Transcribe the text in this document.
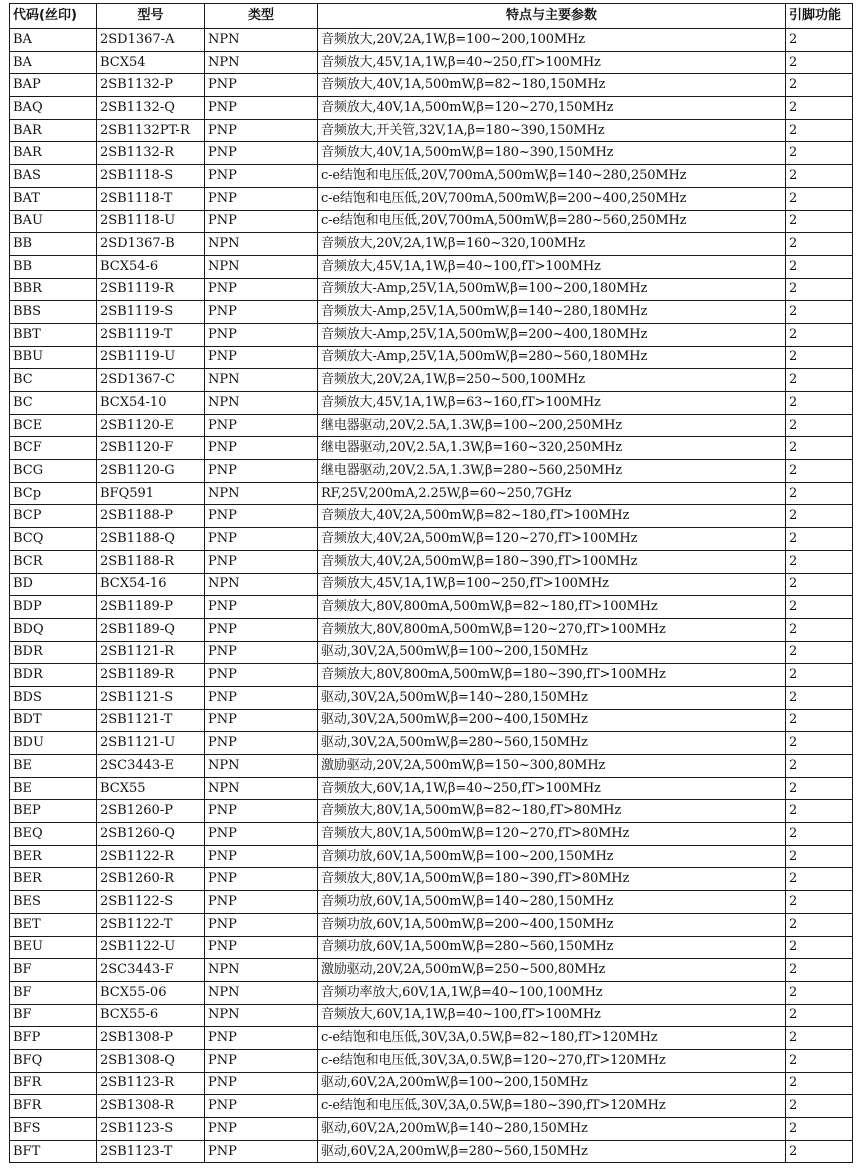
代码(丝印)	型号	类型	特点与主要参数	引脚功能
BA	2SD1367-A	NPN	音频放大,20V,2A,1W,β=100~200,100MHz	2
BA	BCX54	NPN	音频放大,45V,1A,1W,β=40~250,fT>100MHz	2
BAP	2SB1132-P	PNP	音频放大,40V,1A,500mW,β=82~180,150MHz	2
BAQ	2SB1132-Q	PNP	音频放大,40V,1A,500mW,β=120~270,150MHz	2
BAR	2SB1132PT-R	PNP	音频放大,开关管,32V,1A,β=180~390,150MHz	2
BAR	2SB1132-R	PNP	音频放大,40V,1A,500mW,β=180~390,150MHz	2
BAS	2SB1118-S	PNP	c-e结饱和电压低,20V,700mA,500mW,β=140~280,250MHz	2
BAT	2SB1118-T	PNP	c-e结饱和电压低,20V,700mA,500mW,β=200~400,250MHz	2
BAU	2SB1118-U	PNP	c-e结饱和电压低,20V,700mA,500mW,β=280~560,250MHz	2
BB	2SD1367-B	NPN	音频放大,20V,2A,1W,β=160~320,100MHz	2
BB	BCX54-6	NPN	音频放大,45V,1A,1W,β=40~100,fT>100MHz	2
BBR	2SB1119-R	PNP	音频放大-Amp,25V,1A,500mW,β=100~200,180MHz	2
BBS	2SB1119-S	PNP	音频放大-Amp,25V,1A,500mW,β=140~280,180MHz	2
BBT	2SB1119-T	PNP	音频放大-Amp,25V,1A,500mW,β=200~400,180MHz	2
BBU	2SB1119-U	PNP	音频放大-Amp,25V,1A,500mW,β=280~560,180MHz	2
BC	2SD1367-C	NPN	音频放大,20V,2A,1W,β=250~500,100MHz	2
BC	BCX54-10	NPN	音频放大,45V,1A,1W,β=63~160,fT>100MHz	2
BCE	2SB1120-E	PNP	继电器驱动,20V,2.5A,1.3W,β=100~200,250MHz	2
BCF	2SB1120-F	PNP	继电器驱动,20V,2.5A,1.3W,β=160~320,250MHz	2
BCG	2SB1120-G	PNP	继电器驱动,20V,2.5A,1.3W,β=280~560,250MHz	2
BCp	BFQ591	NPN	RF,25V,200mA,2.25W,β=60~250,7GHz	2
BCP	2SB1188-P	PNP	音频放大,40V,2A,500mW,β=82~180,fT>100MHz	2
BCQ	2SB1188-Q	PNP	音频放大,40V,2A,500mW,β=120~270,fT>100MHz	2
BCR	2SB1188-R	PNP	音频放大,40V,2A,500mW,β=180~390,fT>100MHz	2
BD	BCX54-16	NPN	音频放大,45V,1A,1W,β=100~250,fT>100MHz	2
BDP	2SB1189-P	PNP	音频放大,80V,800mA,500mW,β=82~180,fT>100MHz	2
BDQ	2SB1189-Q	PNP	音频放大,80V,800mA,500mW,β=120~270,fT>100MHz	2
BDR	2SB1121-R	PNP	驱动,30V,2A,500mW,β=100~200,150MHz	2
BDR	2SB1189-R	PNP	音频放大,80V,800mA,500mW,β=180~390,fT>100MHz	2
BDS	2SB1121-S	PNP	驱动,30V,2A,500mW,β=140~280,150MHz	2
BDT	2SB1121-T	PNP	驱动,30V,2A,500mW,β=200~400,150MHz	2
BDU	2SB1121-U	PNP	驱动,30V,2A,500mW,β=280~560,150MHz	2
BE	2SC3443-E	NPN	激励驱动,20V,2A,500mW,β=150~300,80MHz	2
BE	BCX55	NPN	音频放大,60V,1A,1W,β=40~250,fT>100MHz	2
BEP	2SB1260-P	PNP	音频放大,80V,1A,500mW,β=82~180,fT>80MHz	2
BEQ	2SB1260-Q	PNP	音频放大,80V,1A,500mW,β=120~270,fT>80MHz	2
BER	2SB1122-R	PNP	音频功放,60V,1A,500mW,β=100~200,150MHz	2
BER	2SB1260-R	PNP	音频放大,80V,1A,500mW,β=180~390,fT>80MHz	2
BES	2SB1122-S	PNP	音频功放,60V,1A,500mW,β=140~280,150MHz	2
BET	2SB1122-T	PNP	音频功放,60V,1A,500mW,β=200~400,150MHz	2
BEU	2SB1122-U	PNP	音频功放,60V,1A,500mW,β=280~560,150MHz	2
BF	2SC3443-F	NPN	激励驱动,20V,2A,500mW,β=250~500,80MHz	2
BF	BCX55-06	NPN	音频功率放大,60V,1A,1W,β=40~100,100MHz	2
BF	BCX55-6	NPN	音频放大,60V,1A,1W,β=40~100,fT>100MHz	2
BFP	2SB1308-P	PNP	c-e结饱和电压低,30V,3A,0.5W,β=82~180,fT>120MHz	2
BFQ	2SB1308-Q	PNP	c-e结饱和电压低,30V,3A,0.5W,β=120~270,fT>120MHz	2
BFR	2SB1123-R	PNP	驱动,60V,2A,200mW,β=100~200,150MHz	2
BFR	2SB1308-R	PNP	c-e结饱和电压低,30V,3A,0.5W,β=180~390,fT>120MHz	2
BFS	2SB1123-S	PNP	驱动,60V,2A,200mW,β=140~280,150MHz	2
BFT	2SB1123-T	PNP	驱动,60V,2A,200mW,β=280~560,150MHz	2
